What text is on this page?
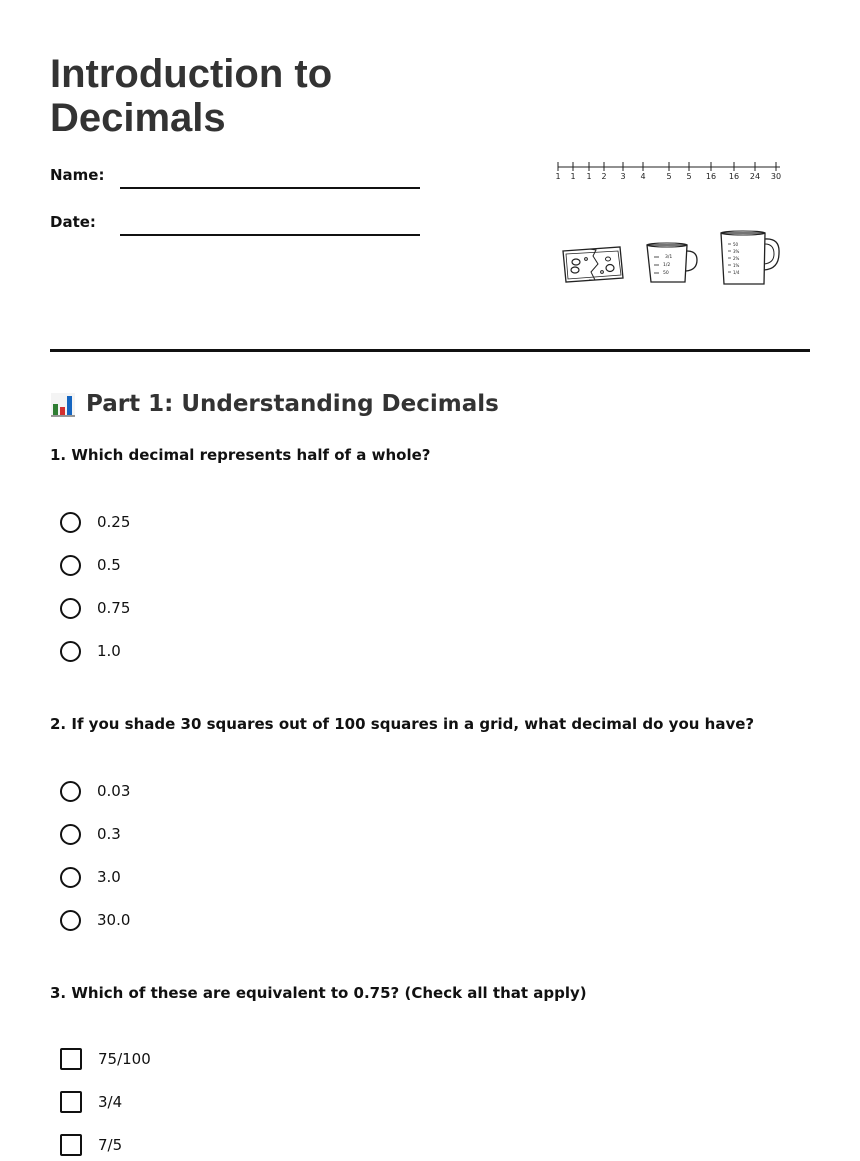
Introduction to Decimals
Name:
Date:
1 1 1 2 3 4	5 5 16 16 24 30
3/1
1/2
50
50
3%
2%
1%
1/4
Part 1: Understanding Decimals
1. Which decimal represents half of a whole?
0.25
0.5
0.75
1.0
2. If you shade 30 squares out of 100 squares in a grid, what decimal do you have?
0.03
0.3
3.0
30.0
3. Which of these are equivalent to 0.75? (Check all that apply)
75/100
3/4
7/5
